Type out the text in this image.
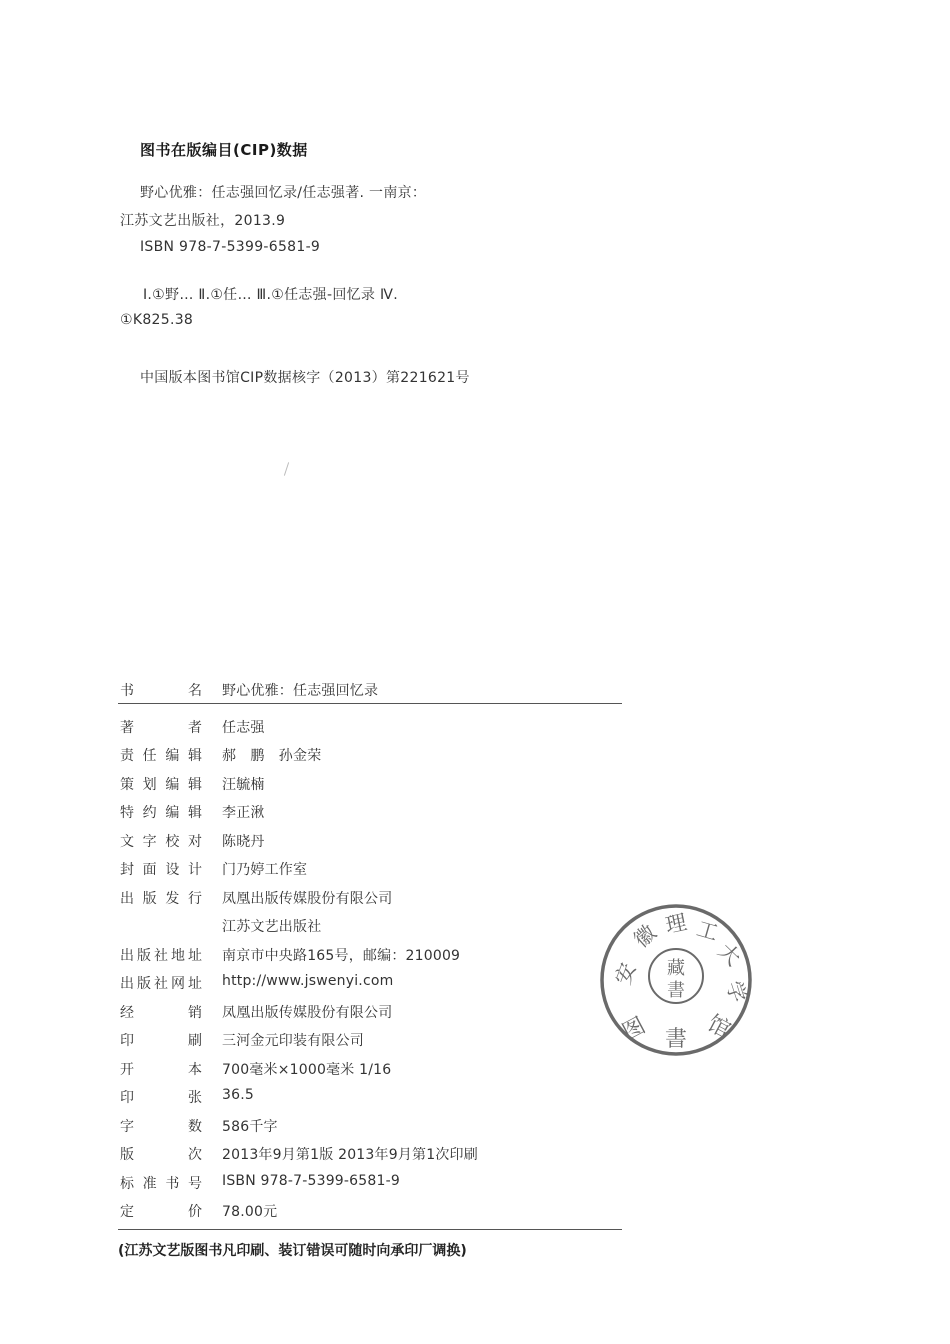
图书在版编目(CIP)数据
野心优雅：任志强回忆录/任志强著. 一南京：
江苏文艺出版社，2013.9
ISBN 978-7-5399-6581-9
Ⅰ.①野… Ⅱ.①任… Ⅲ.①任志强-回忆录 Ⅳ.
①K825.38
中国版本图书馆CIP数据核字（2013）第221621号
书名 野心优雅：任志强回忆录
著者 任志强
责任编辑 郝　鹏　孙金荣
策划编辑 汪毓楠
特约编辑 李正湫
文字校对 陈晓丹
封面设计 门乃婷工作室
出版发行 凤凰出版传媒股份有限公司
江苏文艺出版社
出版社地址 南京市中央路165号，邮编：210009
出版社网址 http://www.jswenyi.com
经销 凤凰出版传媒股份有限公司
印刷 三河金元印装有限公司
开本 700毫米×1000毫米 1/16
印张 36.5
字数 586千字
版次 2013年9月第1版 2013年9月第1次印刷
标准书号 ISBN 978-7-5399-6581-9
定价 78.00元
(江苏文艺版图书凡印刷、装订错误可随时向承印厂调换)
安
徽 理 工
大
学
藏
書
图 書 馆
